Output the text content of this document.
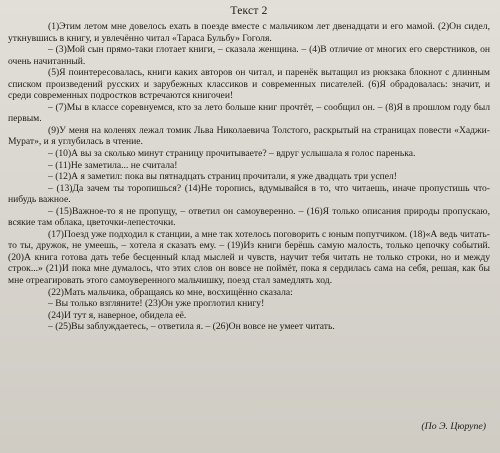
Текст 2

(1)Этим летом мне довелось ехать в поезде вместе с мальчиком лет двенадцати и его мамой. (2)Он сидел, уткнувшись в книгу, и увлечённо читал «Тараса Бульбу» Гоголя.

– (3)Мой сын прямо-таки глотает книги, – сказала женщина. – (4)В отличие от многих его сверстников, он очень начитанный.

(5)Я поинтересовалась, книги каких авторов он читал, и паренёк вытащил из рюкзака блокнот с длинным списком произведений русских и зарубежных классиков и современных писателей. (6)Я обрадовалась: значит, и среди современных подростков встречаются книгочеи!

– (7)Мы в классе соревнуемся, кто за лето больше книг прочтёт, – сообщил он. – (8)Я в прошлом году был первым.

(9)У меня на коленях лежал томик Льва Николаевича Толстого, раскрытый на страницах повести «Хаджи-Мурат», и я углубилась в чтение.

– (10)А вы за сколько минут страницу прочитываете? – вдруг услышала я голос паренька.

– (11)Не заметила... не считала!

– (12)А я заметил: пока вы пятнадцать страниц прочитали, я уже двадцать три успел!

– (13)Да зачем ты торопишься? (14)Не торопись, вдумывайся в то, что читаешь, иначе пропустишь что-нибудь важное.

– (15)Важное-то я не пропущу, – ответил он самоуверенно. – (16)Я только описания природы пропускаю, всякие там облака, цветочки-лепесточки.

(17)Поезд уже подходил к станции, а мне так хотелось поговорить с юным попутчиком. (18)«А ведь читать-то ты, дружок, не умеешь, – хотела я сказать ему. – (19)Из книги берёшь самую малость, только цепочку событий. (20)А книга готова дать тебе бесценный клад мыслей и чувств, научит тебя читать не только строки, но и между строк...» (21)И пока мне думалось, что этих слов он вовсе не поймёт, пока я сердилась сама на себя, решая, как бы мне отреагировать этого самоуверенного мальчишку, поезд стал замедлять ход.

(22)Мать мальчика, обращаясь ко мне, восхищённо сказала:

– Вы только взгляните! (23)Он уже проглотил книгу!

(24)И тут я, наверное, обидела её.

– (25)Вы заблуждаетесь, – ответила я. – (26)Он вовсе не умеет читать.

(По Э. Цюрупе)
